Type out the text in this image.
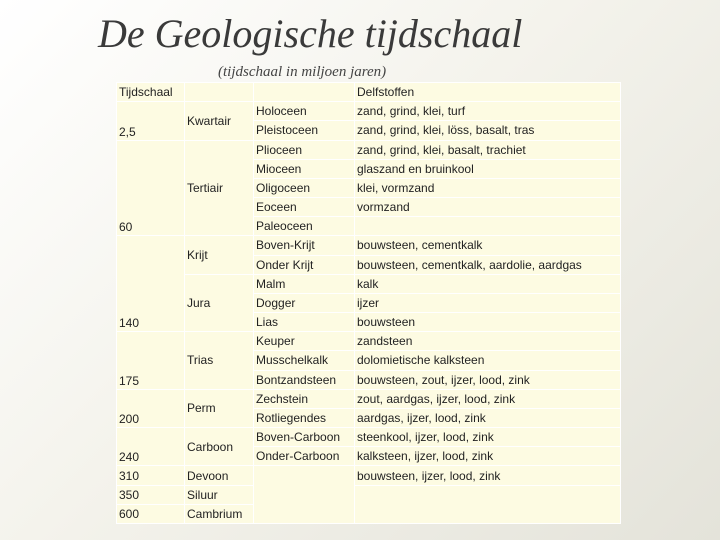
De Geologische tijdschaal
(tijdschaal in miljoen jaren)
Tijdschaal			Delfstoffen
2,5	Kwartair	Holoceen	zand, grind, klei, turf
		Pleistoceen	zand, grind, klei, löss, basalt, tras
60	Tertiair	Plioceen	zand, grind, klei, basalt, trachiet
		Mioceen	glaszand en bruinkool
		Oligoceen	klei, vormzand
		Eoceen	vormzand
		Paleoceen	
140	Krijt	Boven-Krijt	bouwsteen, cementkalk
		Onder Krijt	bouwsteen, cementkalk, aardolie, aardgas
	Jura	Malm	kalk
		Dogger	ijzer
		Lias	bouwsteen
175	Trias	Keuper	zandsteen
		Musschelkalk	dolomietische kalksteen
		Bontzandsteen	bouwsteen, zout, ijzer, lood, zink
200	Perm	Zechstein	zout, aardgas, ijzer, lood, zink
		Rotliegendes	aardgas, ijzer, lood, zink
240	Carboon	Boven-Carboon	steenkool, ijzer, lood, zink
		Onder-Carboon	kalksteen, ijzer, lood, zink
310	Devoon		bouwsteen, ijzer, lood, zink
350	Siluur		
600	Cambrium		
